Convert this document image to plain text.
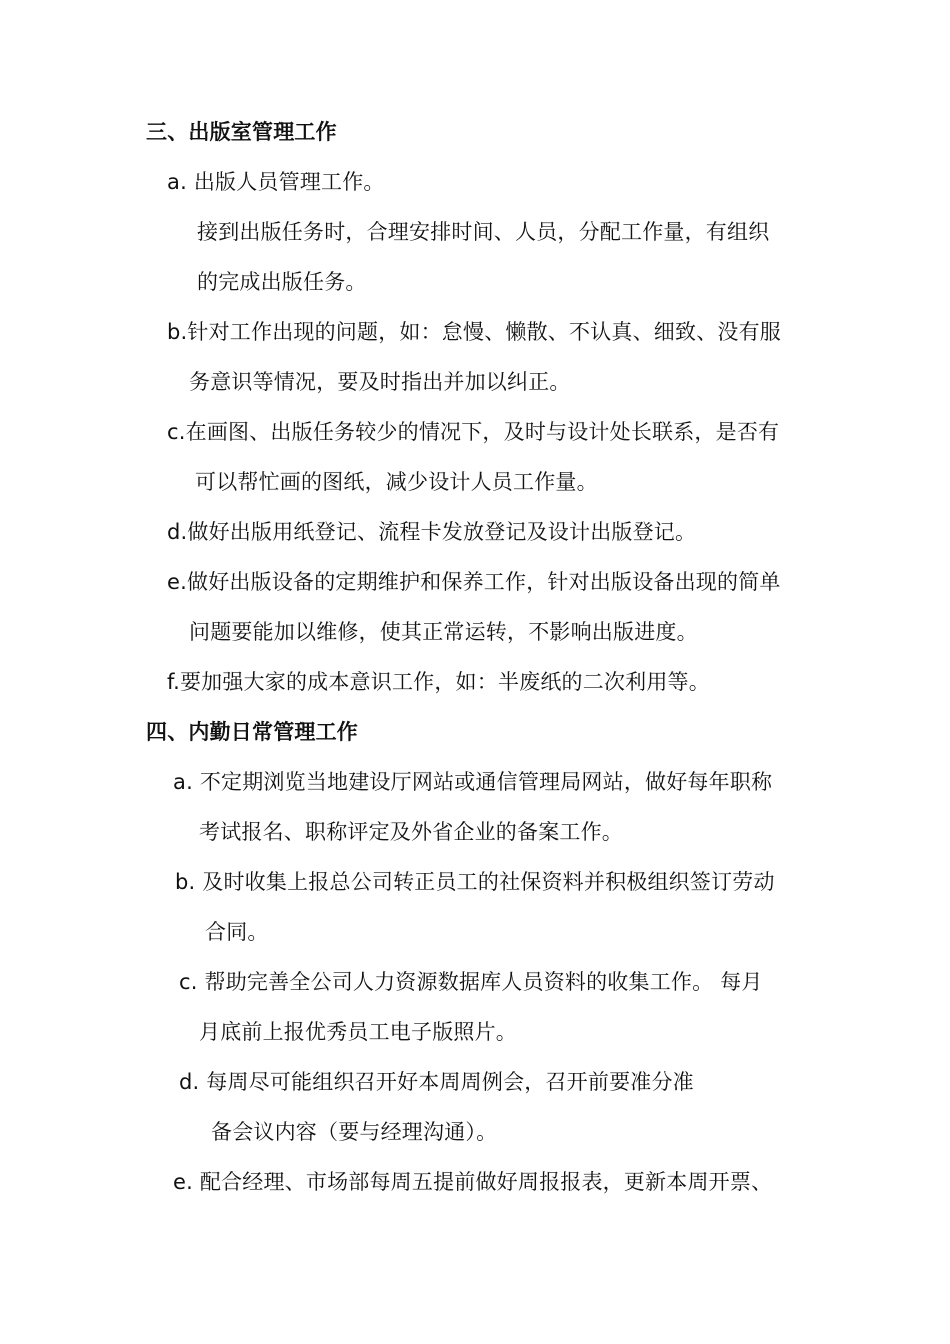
三、出版室管理工作
a. 出版人员管理工作。
接到出版任务时，合理安排时间、人员，分配工作量，有组织
的完成出版任务。
b.针对工作出现的问题，如：怠慢、懒散、不认真、细致、没有服
务意识等情况，要及时指出并加以纠正。
c.在画图、出版任务较少的情况下，及时与设计处长联系，是否有
可以帮忙画的图纸，减少设计人员工作量。
d.做好出版用纸登记、流程卡发放登记及设计出版登记。
e.做好出版设备的定期维护和保养工作，针对出版设备出现的简单
问题要能加以维修，使其正常运转，不影响出版进度。
f.要加强大家的成本意识工作，如：半废纸的二次利用等。
四、内勤日常管理工作
a. 不定期浏览当地建设厅网站或通信管理局网站，做好每年职称
考试报名、职称评定及外省企业的备案工作。
b. 及时收集上报总公司转正员工的社保资料并积极组织签订劳动
合同。
c. 帮助完善全公司人力资源数据库人员资料的收集工作。 每月
月底前上报优秀员工电子版照片。
d. 每周尽可能组织召开好本周周例会，召开前要准分准
备会议内容（要与经理沟通）。
e. 配合经理、市场部每周五提前做好周报报表，更新本周开票、
